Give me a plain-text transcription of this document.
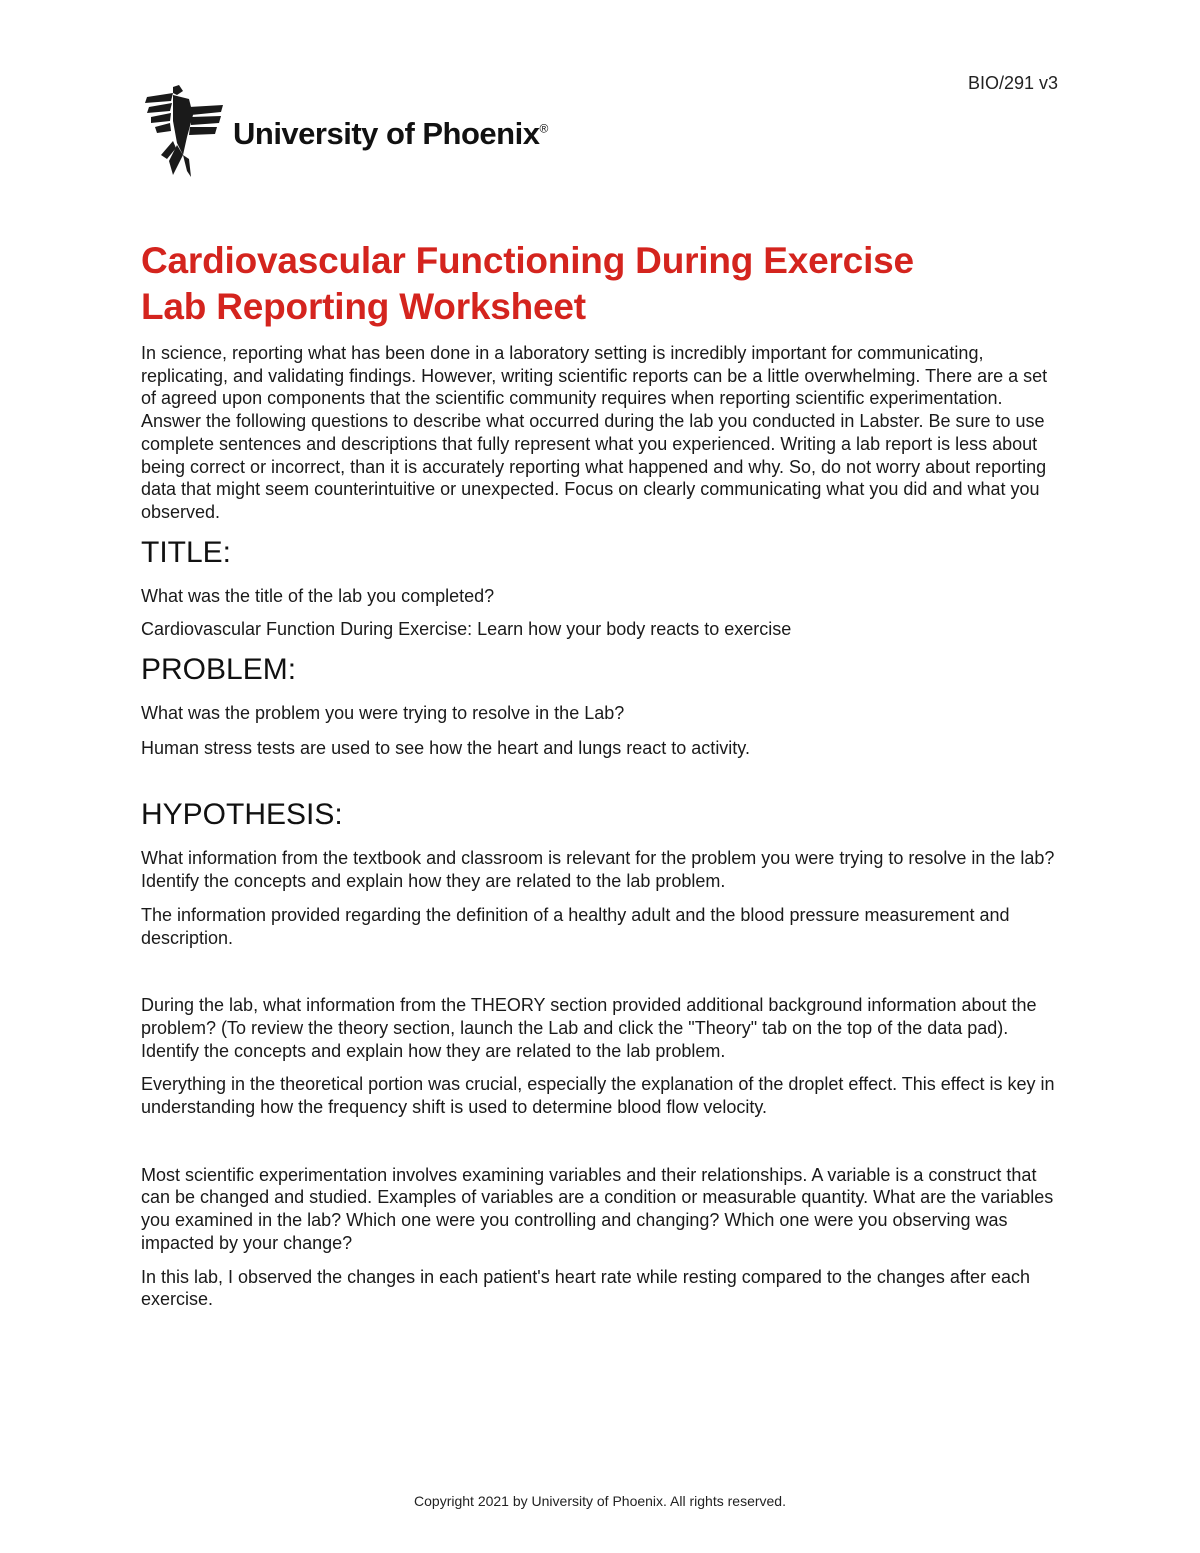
BIO/291 v3
University of Phoenix®
Cardiovascular Functioning During Exercise
Lab Reporting Worksheet

In science, reporting what has been done in a laboratory setting is incredibly important for communicating, replicating, and validating findings. However, writing scientific reports can be a little overwhelming. There are a set of agreed upon components that the scientific community requires when reporting scientific experimentation. Answer the following questions to describe what occurred during the lab you conducted in Labster. Be sure to use complete sentences and descriptions that fully represent what you experienced. Writing a lab report is less about being correct or incorrect, than it is accurately reporting what happened and why. So, do not worry about reporting data that might seem counterintuitive or unexpected. Focus on clearly communicating what you did and what you observed.

TITLE:

What was the title of the lab you completed?

Cardiovascular Function During Exercise: Learn how your body reacts to exercise

PROBLEM:

What was the problem you were trying to resolve in the Lab?

Human stress tests are used to see how the heart and lungs react to activity.

HYPOTHESIS:

What information from the textbook and classroom is relevant for the problem you were trying to resolve in the lab? Identify the concepts and explain how they are related to the lab problem.

The information provided regarding the definition of a healthy adult and the blood pressure measurement and description.

During the lab, what information from the THEORY section provided additional background information about the problem? (To review the theory section, launch the Lab and click the "Theory" tab on the top of the data pad). Identify the concepts and explain how they are related to the lab problem.

Everything in the theoretical portion was crucial, especially the explanation of the droplet effect. This effect is key in understanding how the frequency shift is used to determine blood flow velocity.

Most scientific experimentation involves examining variables and their relationships. A variable is a construct that can be changed and studied. Examples of variables are a condition or measurable quantity. What are the variables you examined in the lab? Which one were you controlling and changing? Which one were you observing was impacted by your change?

In this lab, I observed the changes in each patient's heart rate while resting compared to the changes after each exercise.

Copyright 2021 by University of Phoenix. All rights reserved.
